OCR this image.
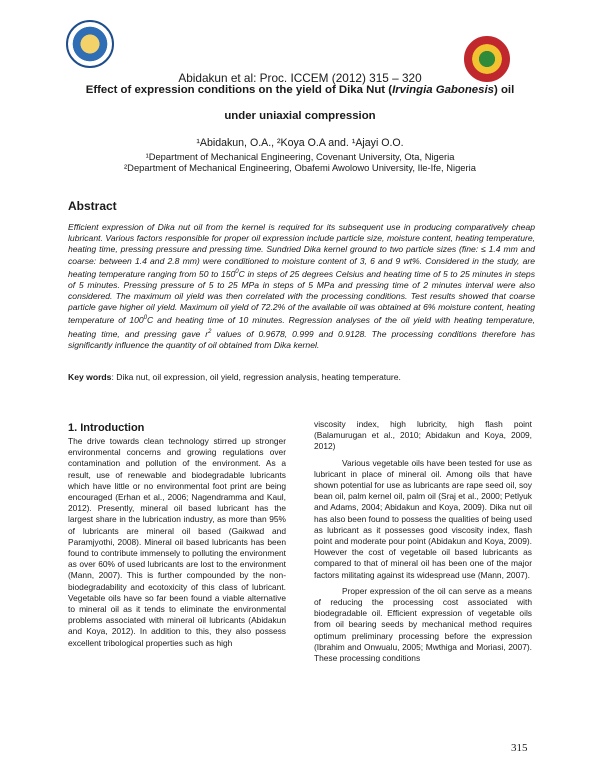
Abidakun et al: Proc. ICCEM (2012) 315 – 320
Effect of expression conditions on the yield of Dika Nut (Irvingia Gabonesis) oil
under uniaxial compression
¹Abidakun, O.A., ²Koya O.A and. ¹Ajayi O.O.
¹Department of Mechanical Engineering, Covenant University, Ota, Nigeria
²Department of Mechanical Engineering, Obafemi Awolowo University, Ile-Ife, Nigeria
Abstract
Efficient expression of Dika nut oil from the kernel is required for its subsequent use in producing comparatively cheap lubricant. Various factors responsible for proper oil expression include particle size, moisture content, heating temperature, heating time, pressing pressure and pressing time. Sundried Dika kernel ground to two particle sizes (fine: ≤ 1.4 mm and coarse: between 1.4 and 2.8 mm) were conditioned to moisture content of 3, 6 and 9 wt%. Considered in the study, are heating temperature ranging from 50 to $150^0C$ in steps of 25 degrees Celsius and heating time of 5 to 25 minutes in steps of 5 minutes. Pressing pressure of 5 to 25 MPa in steps of 5 MPa and pressing time of 2 minutes interval were also considered. The maximum oil yield was then correlated with the processing conditions. Test results showed that coarse particle gave higher oil yield. Maximum oil yield of 72.2% of the available oil was obtained at 6% moisture content, heating temperature of $100^0C$ and heating time of 10 minutes. Regression analyses of the oil yield with heating temperature, heating time, and pressing gave $r^2$ values of 0.9678, 0.999 and 0.9128. The processing conditions therefore has significantly influence the quantity of oil obtained from Dika kernel.
Key words: Dika nut, oil expression, oil yield, regression analysis, heating temperature.
1. Introduction

The drive towards clean technology stirred up stronger environmental concerns and growing regulations over contamination and pollution of the environment. As a result, use of renewable and biodegradable lubricants which have little or no environmental foot print are being encouraged (Erhan et al., 2006; Nagendramma and Kaul, 2012). Presently, mineral oil based lubricant has the largest share in the lubrication industry, as more than 95% of lubricants are mineral oil based (Gaikwad and Paramjyothi, 2008). Mineral oil based lubricants has been found to contribute immensely to polluting the environment as over 60% of used lubricants are lost to the environment (Mann, 2007). This is further compounded by the non-biodegradability and ecotoxicity of this class of lubricant. Vegetable oils have so far been found a viable alternative to mineral oil as it tends to eliminate the environmental problems associated with mineral oil lubricants (Abidakun and Koya, 2012). In addition to this, they also possess excellent tribological properties such as high

viscosity index, high lubricity, high flash point (Balamurugan et al., 2010; Abidakun and Koya, 2009, 2012)

Various vegetable oils have been tested for use as lubricant in place of mineral oil. Among oils that have shown potential for use as lubricants are rape seed oil, soy bean oil, palm kernel oil, palm oil (Sraj et al., 2000; Petlyuk and Adams, 2004; Abidakun and Koya, 2009). Dika nut oil has also been found to possess the qualities of being used as lubricant as it possesses good viscosity index, flash point and moderate pour point (Abidakun and Koya, 2009). However the cost of vegetable oil based lubricants as compared to that of mineral oil has been one of the major factors militating against its widespread use (Mann, 2007).

Proper expression of the oil can serve as a means of reducing the processing cost associated with biodegradable oil. Efficient expression of vegetable oils from oil bearing seeds by mechanical method requires optimum preliminary processing before the expression (Ibrahim and Onwualu, 2005; Mwthiga and Moriasi, 2007). These processing conditions

315
